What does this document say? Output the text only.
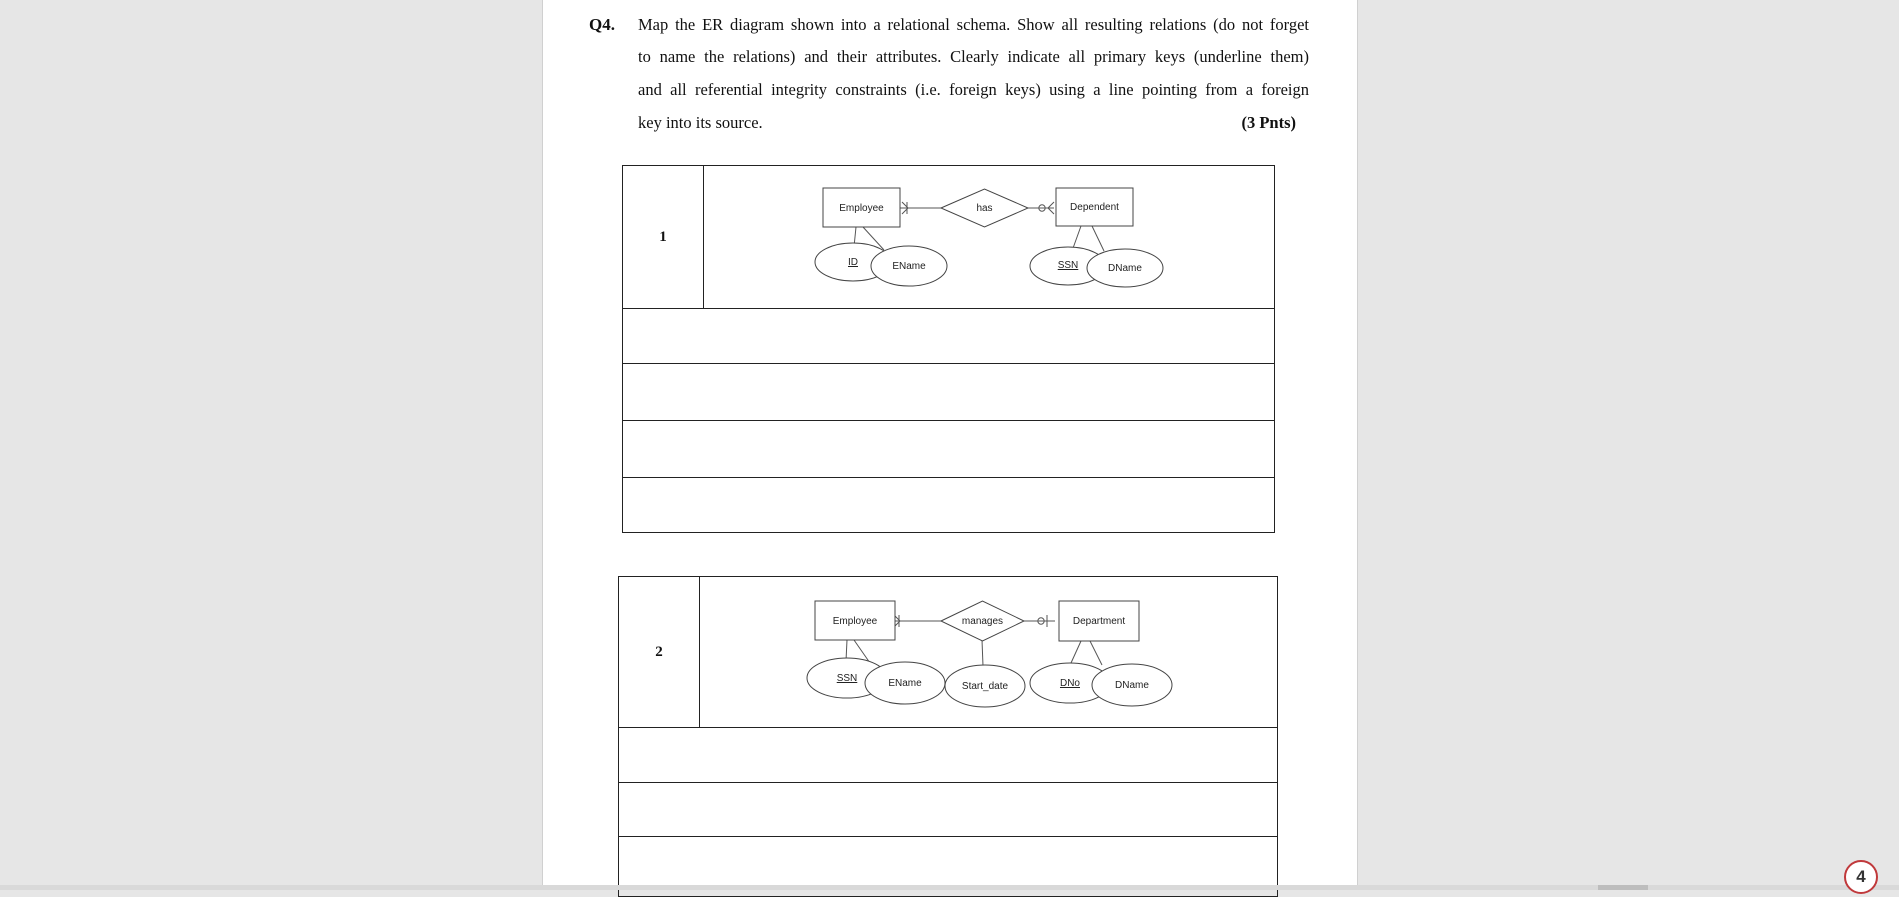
Q4. Map the ER diagram shown into a relational schema. Show all resulting relations (do not forget
to name the relations) and their attributes. Clearly indicate all primary keys (underline them)
and all referential integrity constraints (i.e. foreign keys) using a line pointing from a foreign
key into its source.	(3 Pnts)
1	
Employee	has	Dependent
ID	EName	SSN	DName

2	
Employee	manages	Department
SSN	EName	Start_date	DNo	DName

4
